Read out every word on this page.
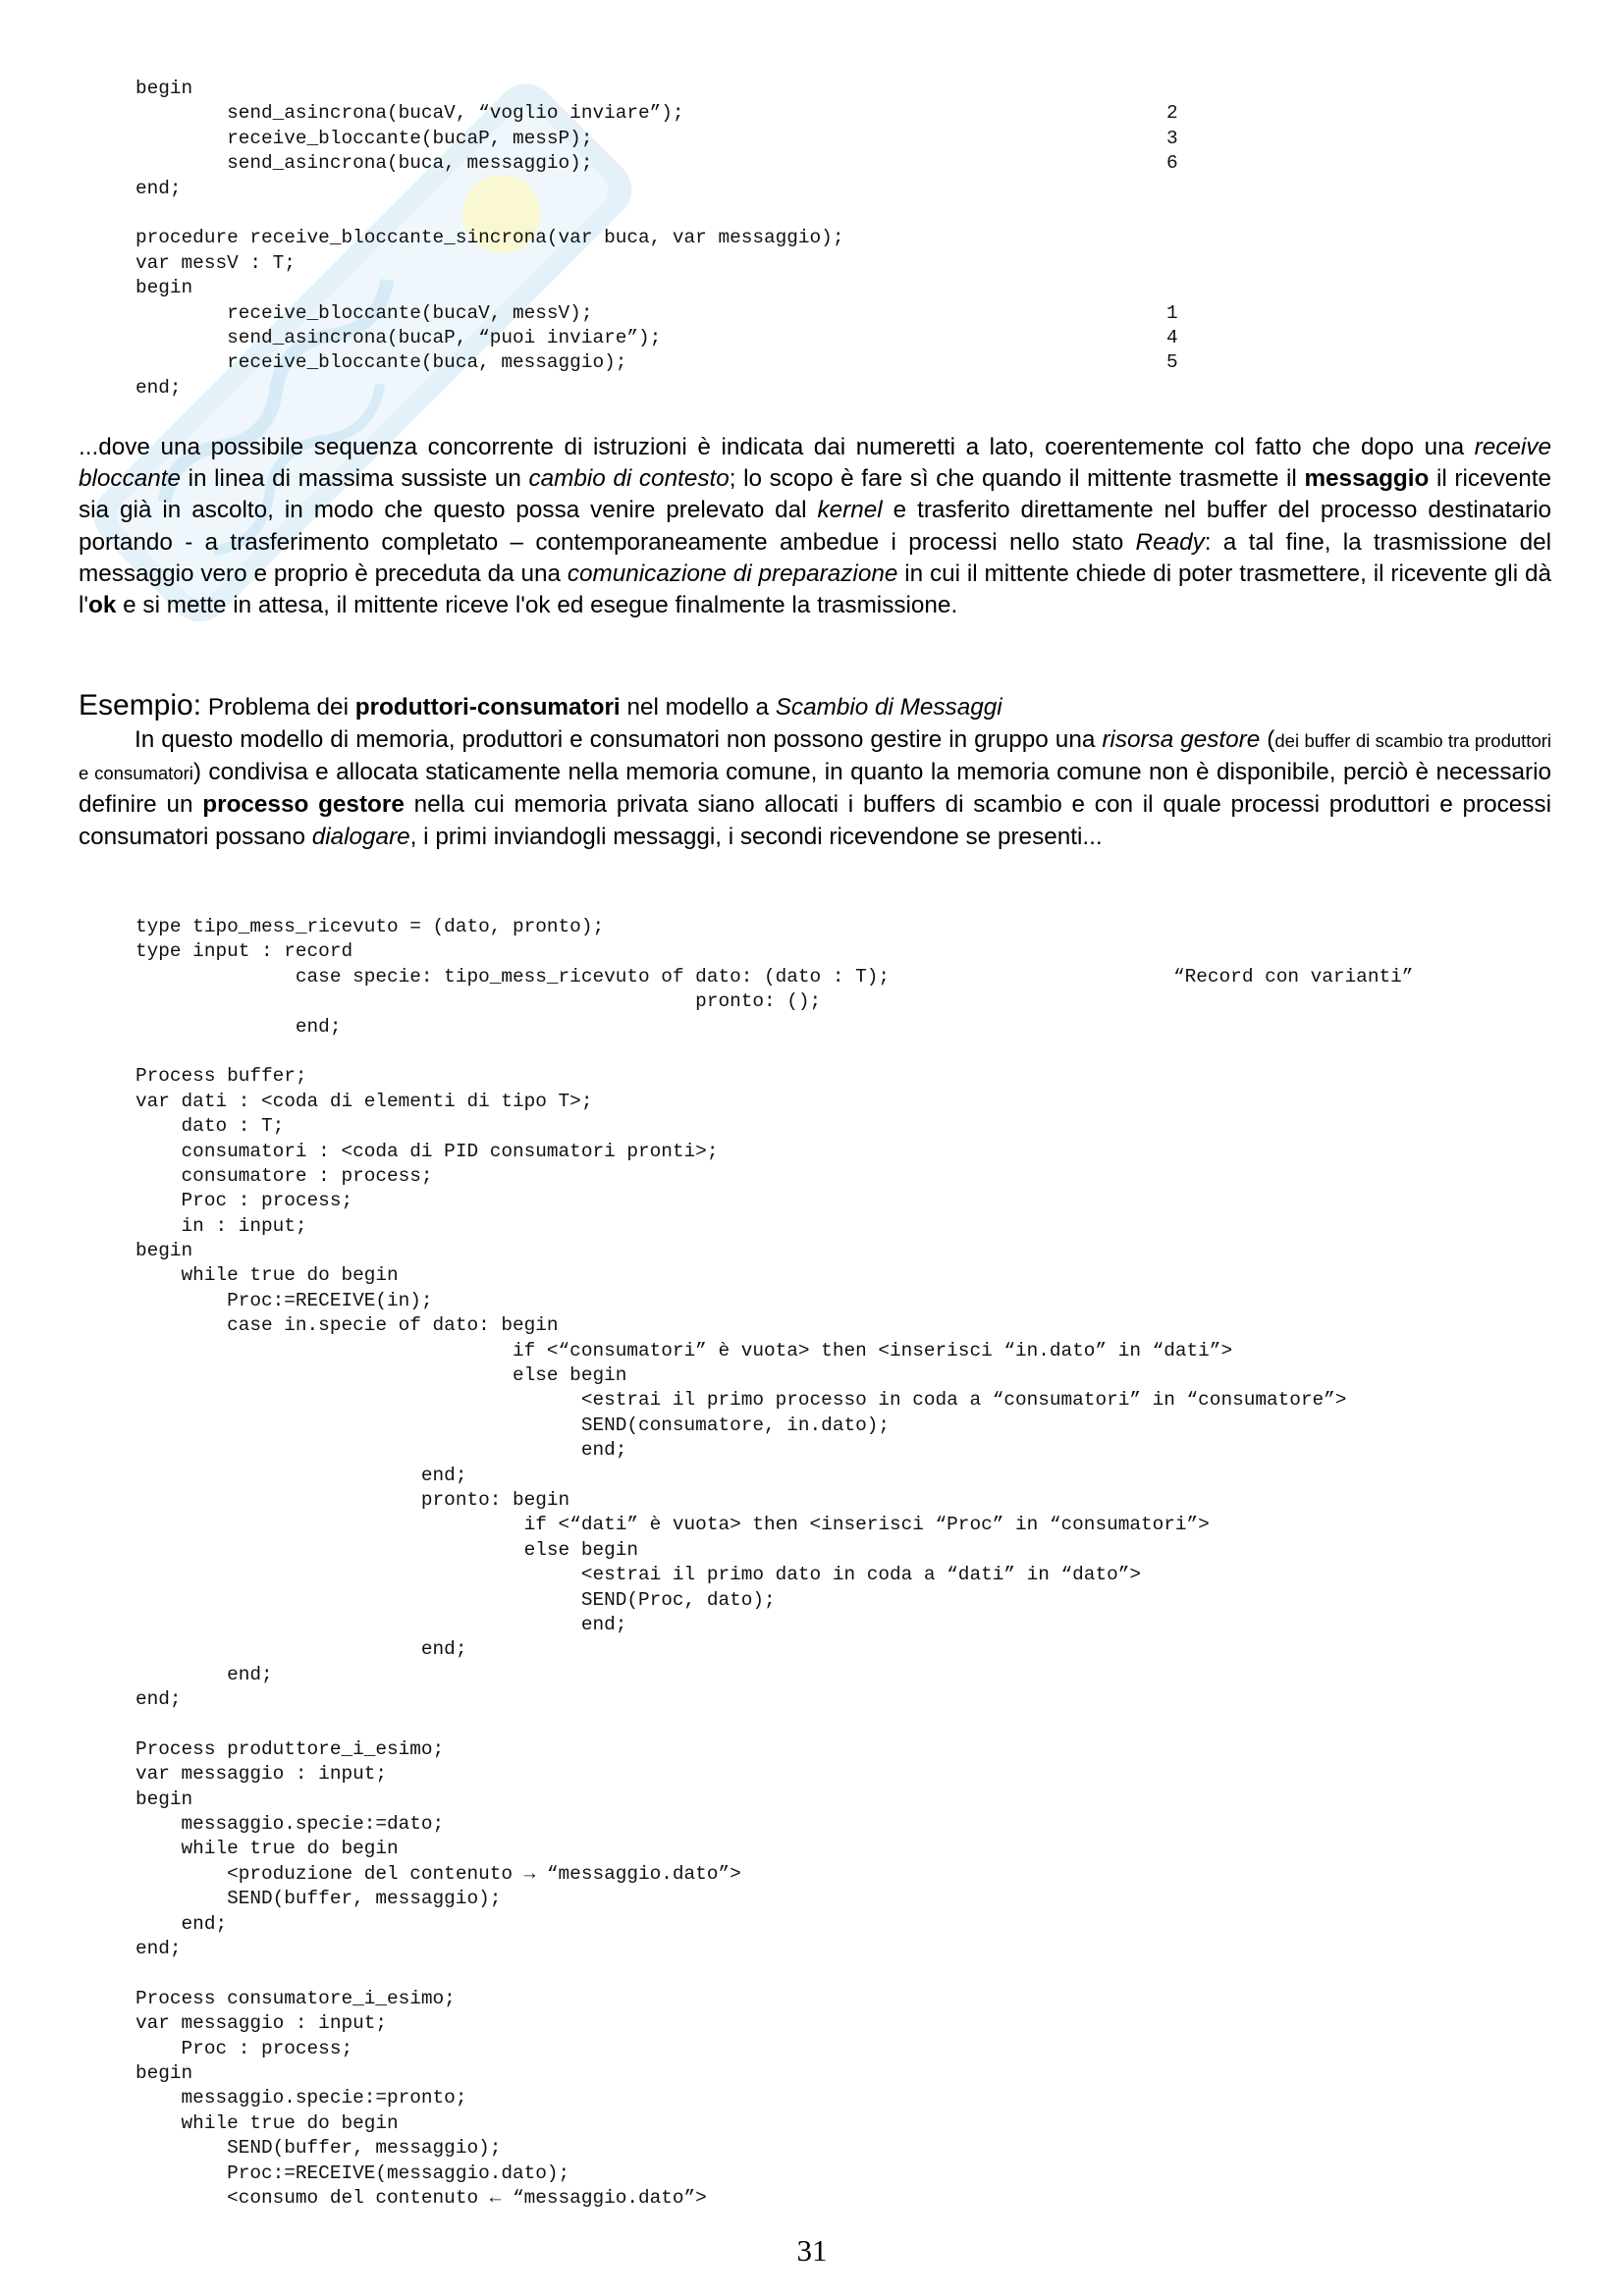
begin
send_asincrona(bucaV, “voglio inviare”);	2
receive_bloccante(bucaP, messP);	3
send_asincrona(buca, messaggio);	6
end;
procedure receive_bloccante_sincrona(var buca, var messaggio);
var messV : T;
begin
receive_bloccante(bucaV, messV);	1
send_asincrona(bucaP, “puoi inviare”);	4
receive_bloccante(buca, messaggio);	5
end;

...dove una possibile sequenza concorrente di istruzioni è indicata dai numeretti a lato, coerentemente col fatto che dopo una receive bloccante in linea di massima sussiste un cambio di contesto; lo scopo è fare sì che quando il mittente trasmette il messaggio il ricevente sia già in ascolto, in modo che questo possa venire prelevato dal kernel e trasferito direttamente nel buffer del processo destinatario portando - a trasferimento completato – contemporaneamente ambedue i processi nello stato Ready: a tal fine, la trasmissione del messaggio vero e proprio è preceduta da una comunicazione di preparazione in cui il mittente chiede di poter trasmettere, il ricevente gli dà l'ok e si mette in attesa, il mittente riceve l'ok ed esegue finalmente la trasmissione.

Esempio: Problema dei produttori-consumatori nel modello a Scambio di Messaggi

In questo modello di memoria, produttori e consumatori non possono gestire in gruppo una risorsa gestore (dei buffer di scambio tra produttori e consumatori) condivisa e allocata staticamente nella memoria comune, in quanto la memoria comune non è disponibile, perciò è necessario definire un processo gestore nella cui memoria privata siano allocati i buffers di scambio e con il quale processi produttori e processi consumatori possano dialogare, i primi inviandogli messaggi, i secondi ricevendone se presenti...

type tipo_mess_ricevuto = (dato, pronto);
type input : record
case specie: tipo_mess_ricevuto of dato: (dato : T);	“Record con varianti”
pronto: ();
end;
Process buffer;
var dati : <coda di elementi di tipo T>;
dato : T;
consumatori : <coda di PID consumatori pronti>;
consumatore : process;
Proc : process;
in : input;
begin
while true do begin
Proc:=RECEIVE(in);
case in.specie of dato: begin
if <“consumatori” è vuota> then <inserisci “in.dato” in “dati”>
else begin
<estrai il primo processo in coda a “consumatori” in “consumatore”>
SEND(consumatore, in.dato);
end;
end;
pronto: begin
if <“dati” è vuota> then <inserisci “Proc” in “consumatori”>
else begin
<estrai il primo dato in coda a “dati” in “dato”>
SEND(Proc, dato);
end;
end;
end;
end;
Process produttore_i_esimo;
var messaggio : input;
begin
messaggio.specie:=dato;
while true do begin
<produzione del contenuto → “messaggio.dato”>
SEND(buffer, messaggio);
end;
end;
Process consumatore_i_esimo;
var messaggio : input;
Proc : process;
begin
messaggio.specie:=pronto;
while true do begin
SEND(buffer, messaggio);
Proc:=RECEIVE(messaggio.dato);
<consumo del contenuto ← “messaggio.dato”>
31
